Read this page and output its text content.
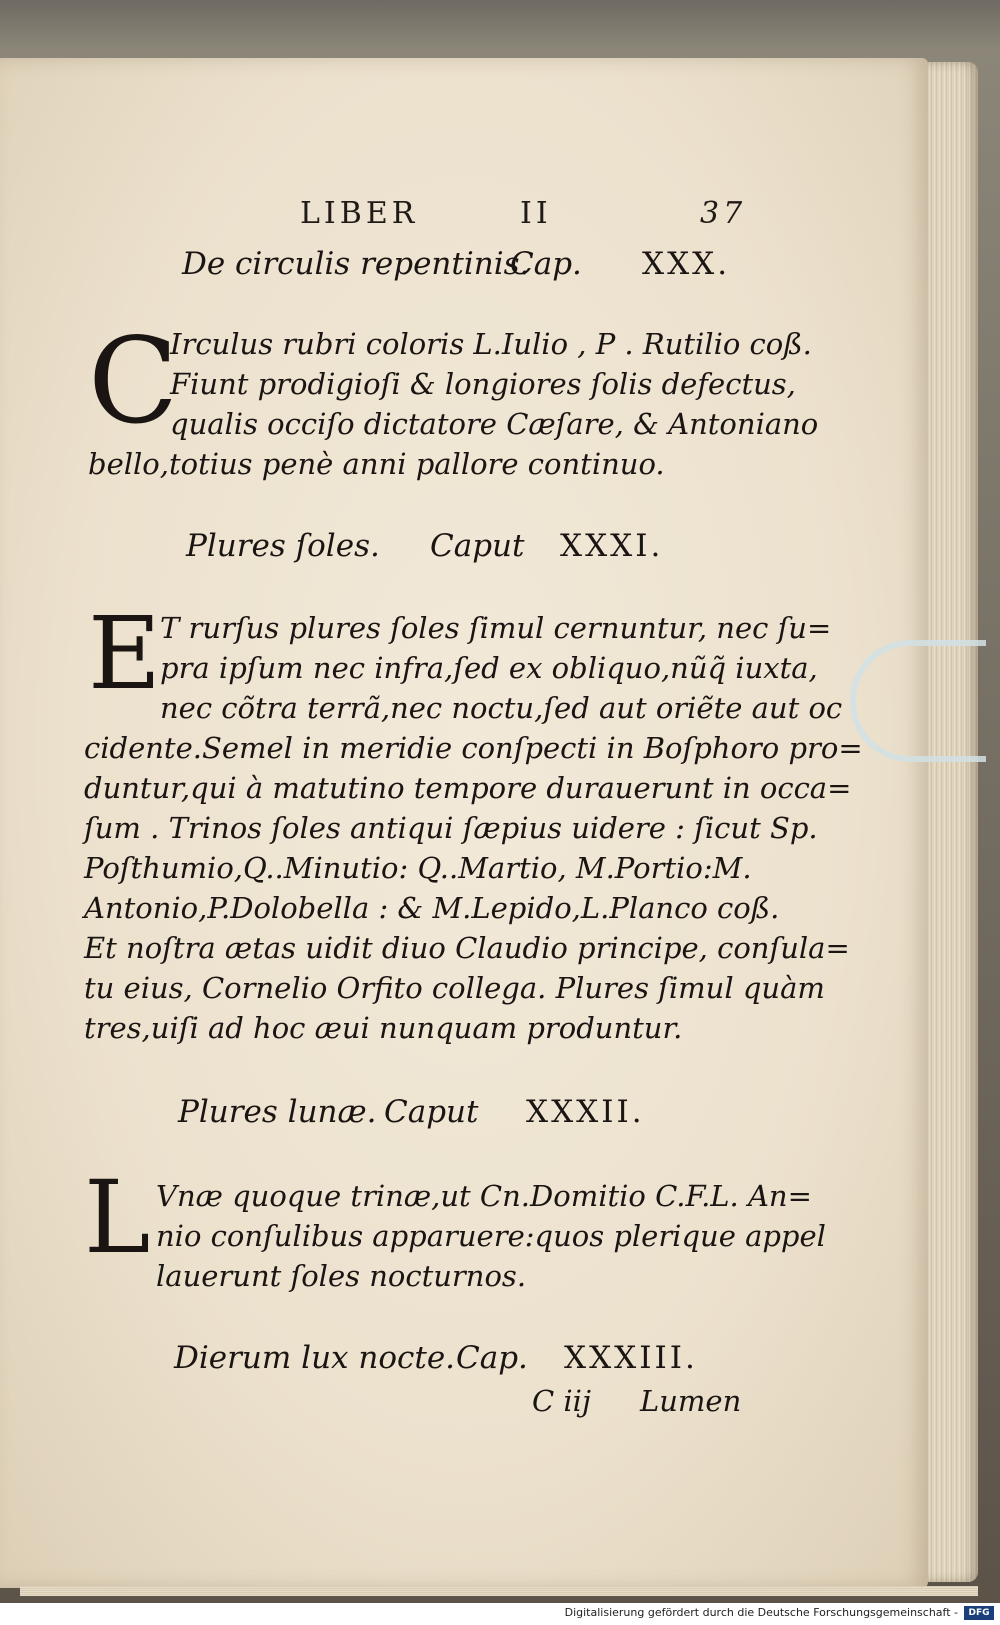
LIBER	II	37
De circulis repentinis.
Cap. XXX.
C
Irculus rubri coloris L.Iulio , P . Rutilio coß.
Fiunt prodigioſi & longiores ſolis defectus,
qualis occiſo dictatore Cæſare, & Antoniano
bello,totius penè anni pallore continuo.
Plures ſoles. Caput XXXI.
E T rurſus plures ſoles ſimul cernuntur, nec ſu=
pra ipſum nec infra,ſed ex obliquo,nũq̃ iuxta,
nec cõtra terrã,nec noctu,ſed aut oriẽte aut oc
cidente.Semel in meridie conſpecti in Boſphoro pro=
duntur,qui à matutino tempore durauerunt in occa=
ſum . Trinos ſoles antiqui ſæpius uidere : ſicut Sp.
Poſthumio,Q..Minutio: Q..Martio, M.Portio:M.
Antonio,P.Dolobella : & M.Lepido,L.Planco coß.
Et noſtra ætas uidit diuo Claudio principe, conſula=
tu eius, Cornelio Orfito collega. Plures ſimul quàm
tres,uiſi ad hoc æui nunquam produntur.
Plures lunæ. Caput XXXII.
L Vnæ quoque trinæ,ut Cn.Domitio C.F.L. An=
nio conſulibus apparuere:quos plerique appel
lauerunt ſoles nocturnos.
Dierum lux nocte. Cap. XXXIII.
C iij Lumen
Digitalisierung gefördert durch die Deutsche Forschungsgemeinschaft -	DFG
